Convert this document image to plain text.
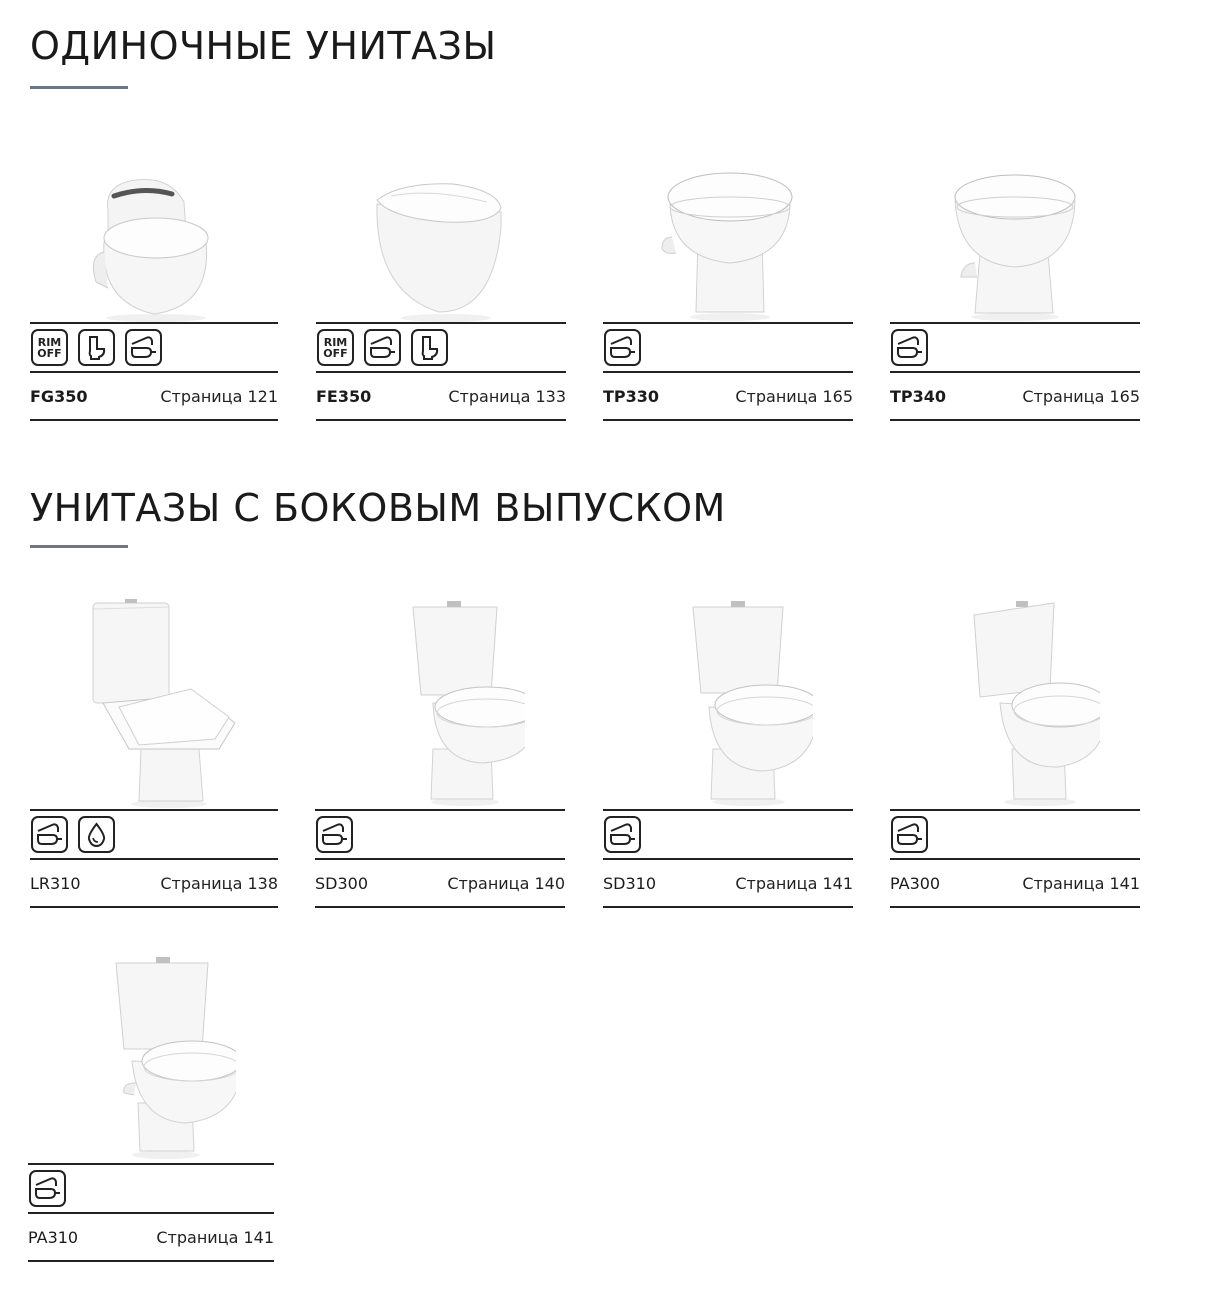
ОДИНОЧНЫЕ УНИТАЗЫ
RIM
OFF
FG350	Страница 121
RIM
OFF
FE350	Страница 133 TP330	Страница 165 TP340	Страница 165
УНИТАЗЫ С БОКОВЫМ ВЫПУСКОМ
LR310	Страница 138 SD300	Страница 140 SD310	Страница 141 PA300	Страница 141
PA310	Страница 141
